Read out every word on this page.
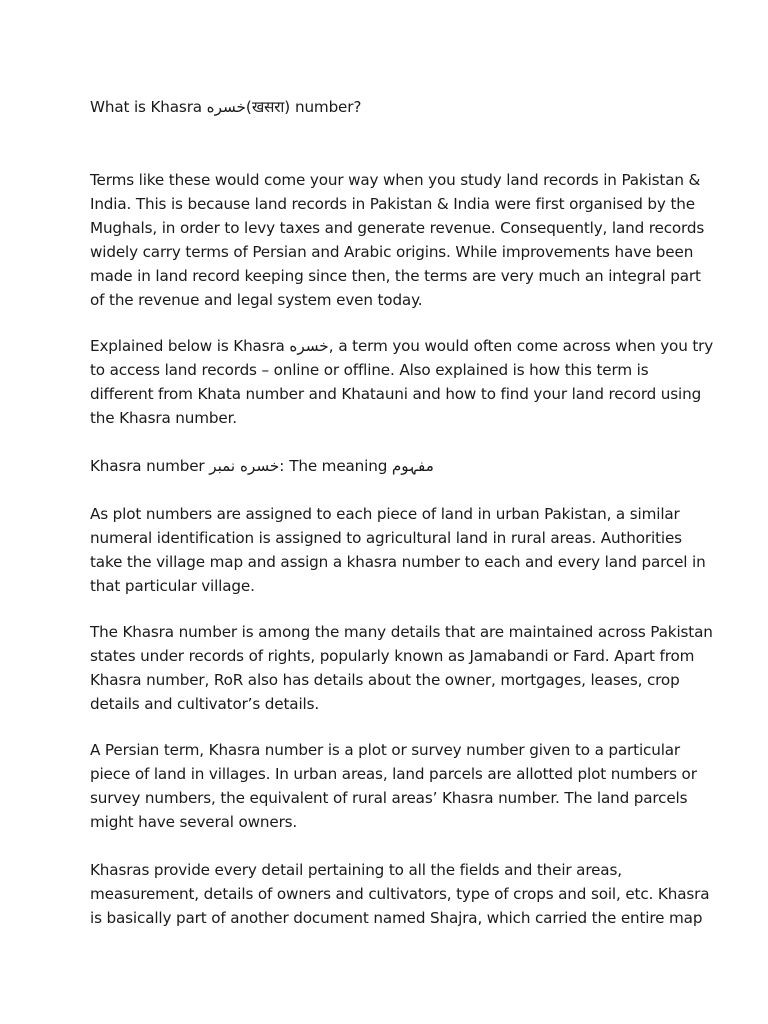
What is Khasra خسره(खसरा) number?

Terms like these would come your way when you study land records in Pakistan &
India. This is because land records in Pakistan & India were first organised by the
Mughals, in order to levy taxes and generate revenue. Consequently, land records
widely carry terms of Persian and Arabic origins. While improvements have been
made in land record keeping since then, the terms are very much an integral part
of the revenue and legal system even today.

Explained below is Khasra خسره, a term you would often come across when you try
to access land records – online or offline. Also explained is how this term is
different from Khata number and Khatauni and how to find your land record using
the Khasra number.

Khasra number خسره نمبر: The meaning مفہوم

As plot numbers are assigned to each piece of land in urban Pakistan, a similar
numeral identification is assigned to agricultural land in rural areas. Authorities
take the village map and assign a khasra number to each and every land parcel in
that particular village.

The Khasra number is among the many details that are maintained across Pakistan
states under records of rights, popularly known as Jamabandi or Fard. Apart from
Khasra number, RoR also has details about the owner, mortgages, leases, crop
details and cultivator’s details.

A Persian term, Khasra number is a plot or survey number given to a particular
piece of land in villages. In urban areas, land parcels are allotted plot numbers or
survey numbers, the equivalent of rural areas’ Khasra number. The land parcels
might have several owners.

Khasras provide every detail pertaining to all the fields and their areas,
measurement, details of owners and cultivators, type of crops and soil, etc. Khasra
is basically part of another document named Shajra, which carried the entire map
